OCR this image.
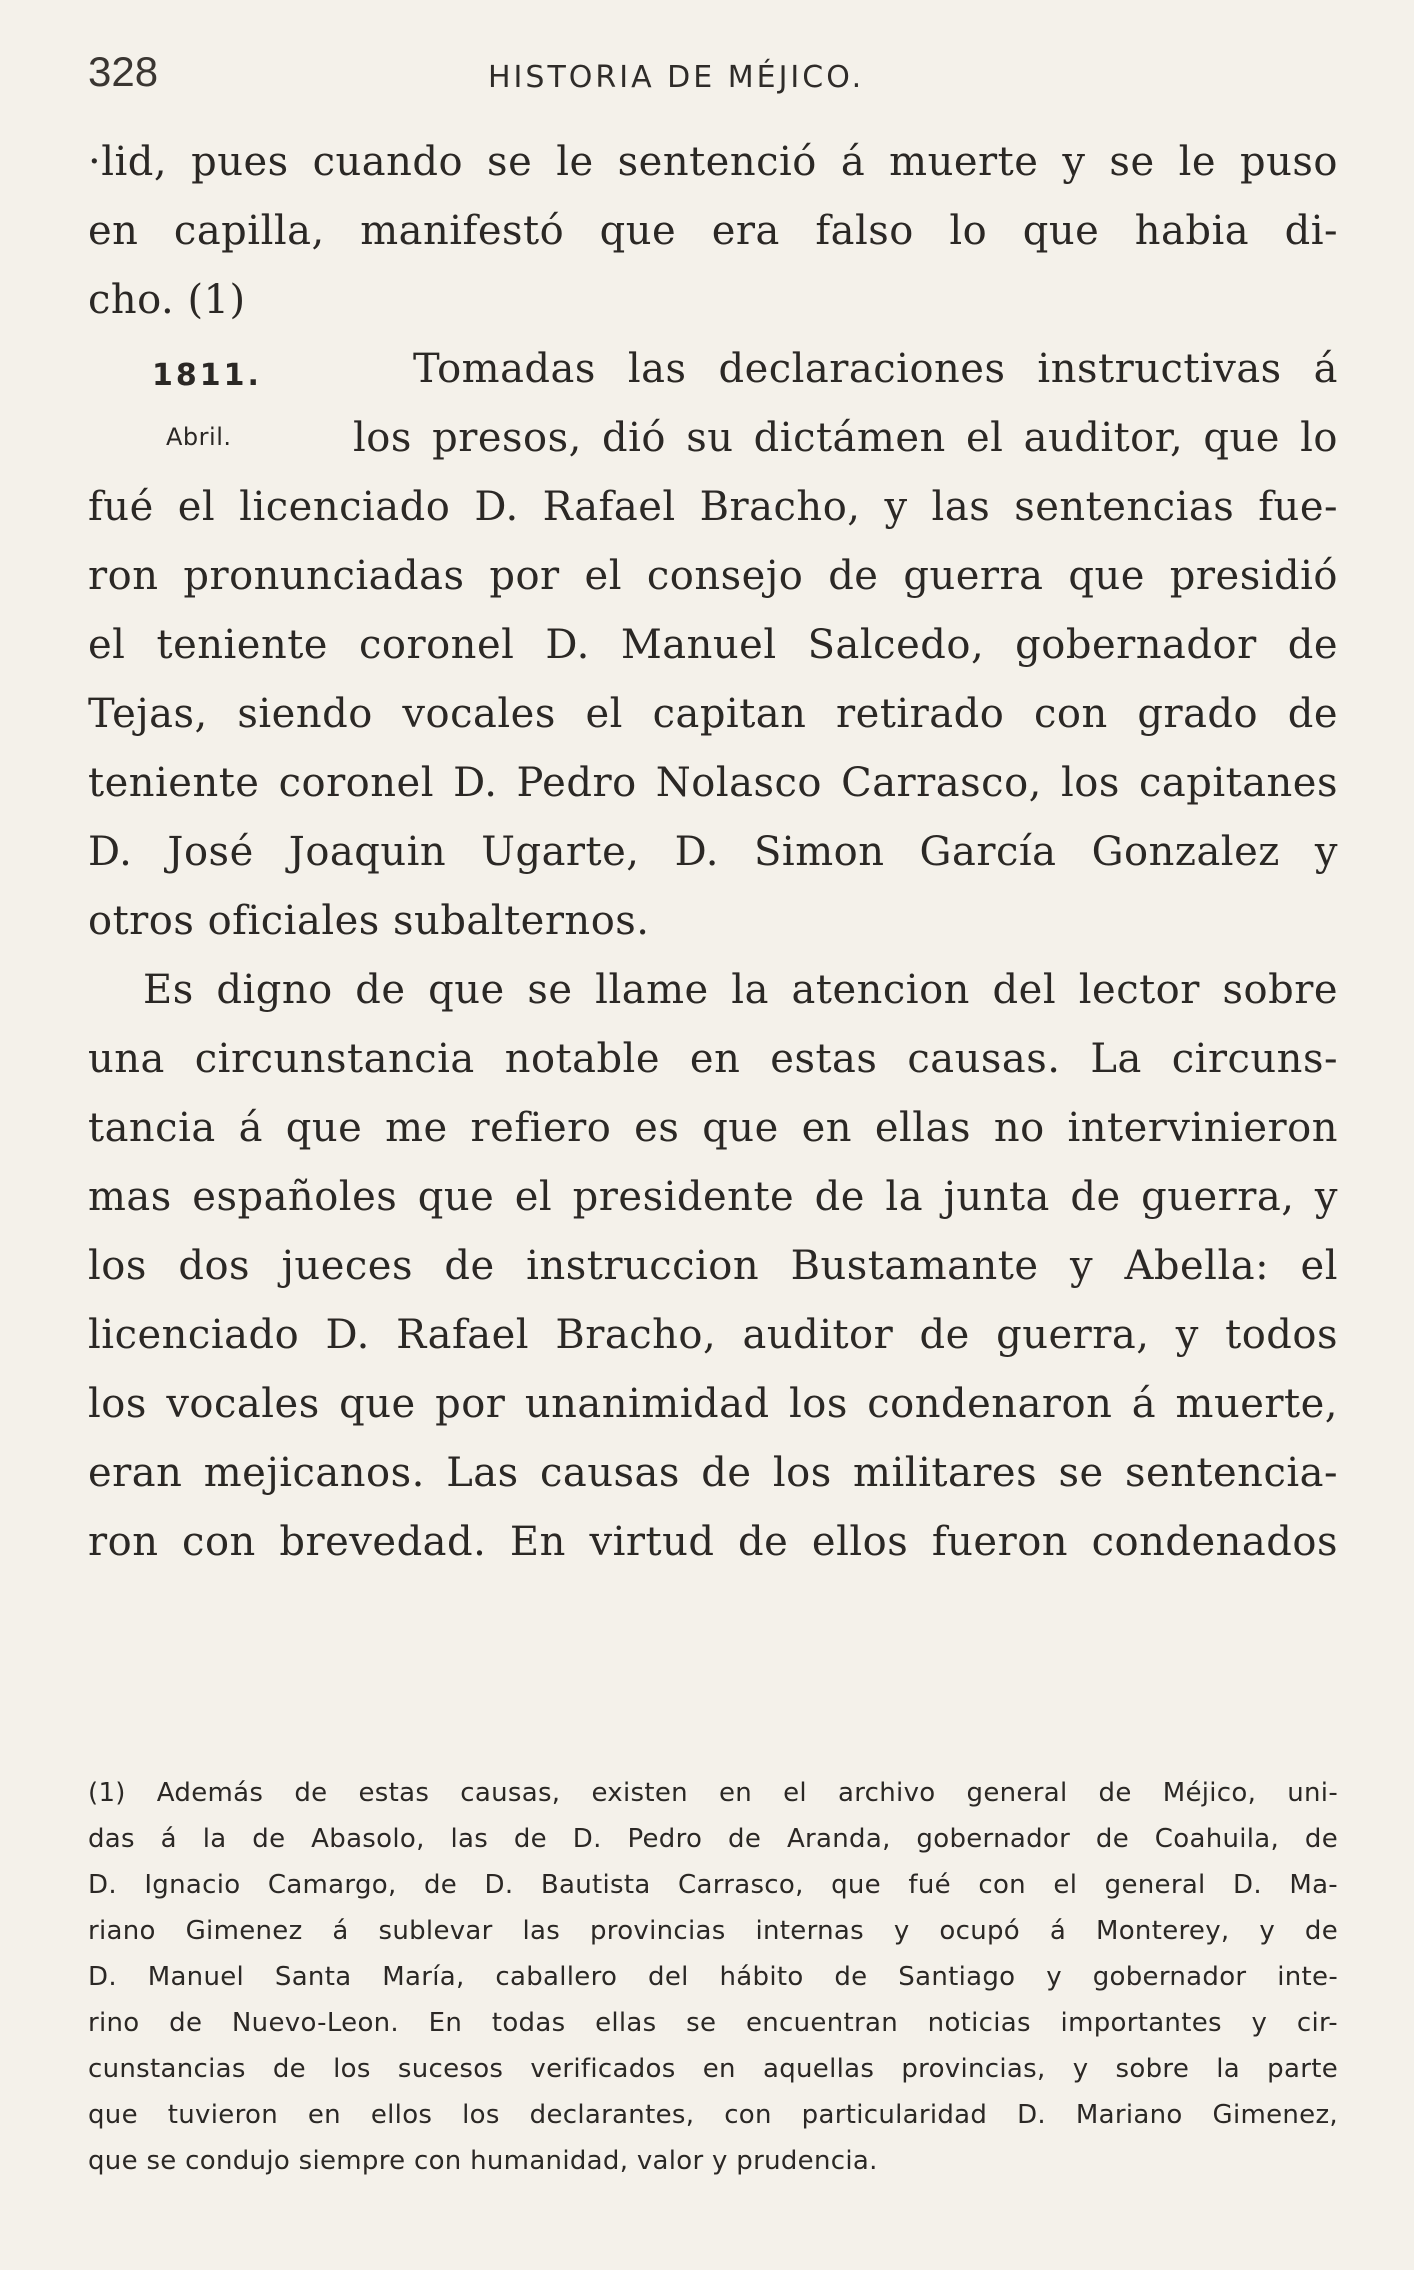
328	HISTORIA DE MÉJICO.
·lid, pues cuando se le sentenció á muerte y se le puso
en capilla, manifestó que era falso lo que habia di-
cho. (1)
1811.
Abril.
Tomadas las declaraciones instructivas á
los presos, dió su dictámen el auditor, que lo
fué el licenciado D. Rafael Bracho, y las sentencias fue-
ron pronunciadas por el consejo de guerra que presidió
el teniente coronel D. Manuel Salcedo, gobernador de
Tejas, siendo vocales el capitan retirado con grado de
teniente coronel D. Pedro Nolasco Carrasco, los capitanes
D. José Joaquin Ugarte, D. Simon García Gonzalez y
otros oficiales subalternos.
Es digno de que se llame la atencion del lector sobre
una circunstancia notable en estas causas. La circuns-
tancia á que me refiero es que en ellas no intervinieron
mas españoles que el presidente de la junta de guerra, y
los dos jueces de instruccion Bustamante y Abella: el
licenciado D. Rafael Bracho, auditor de guerra, y todos
los vocales que por unanimidad los condenaron á muerte,
eran mejicanos. Las causas de los militares se sentencia-
ron con brevedad. En virtud de ellos fueron condenados
(1) Además de estas causas, existen en el archivo general de Méjico, uni-
das á la de Abasolo, las de D. Pedro de Aranda, gobernador de Coahuila, de
D. Ignacio Camargo, de D. Bautista Carrasco, que fué con el general D. Ma-
riano Gimenez á sublevar las provincias internas y ocupó á Monterey, y de
D. Manuel Santa María, caballero del hábito de Santiago y gobernador inte-
rino de Nuevo-Leon. En todas ellas se encuentran noticias importantes y cir-
cunstancias de los sucesos verificados en aquellas provincias, y sobre la parte
que tuvieron en ellos los declarantes, con particularidad D. Mariano Gimenez,
que se condujo siempre con humanidad, valor y prudencia.
